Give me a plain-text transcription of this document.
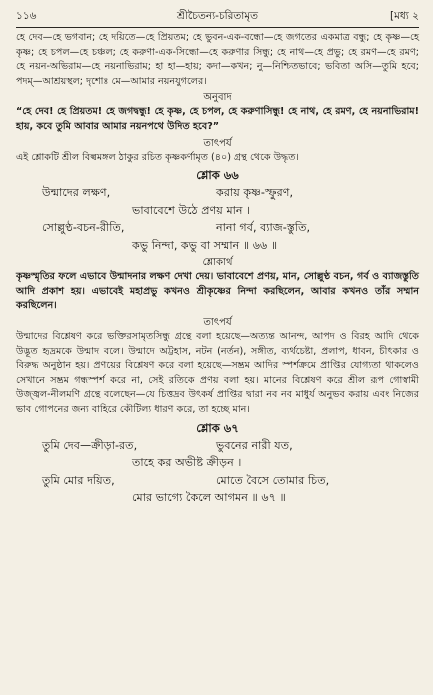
১১৬	শ্রীচৈতন্য-চরিতামৃত	[মধ্য ২

হে দেব—হে ভগবান; হে দয়িতে—হে প্রিয়তম; হে ভুবন-এক-বন্ধো—হে জগতের একমাত্র বন্ধু; হে কৃষ্ণ—হে কৃষ্ণ; হে চপল—হে চঞ্চল; হে করুণা-এক-সিন্ধো—হে করুণার সিন্ধু; হে নাথ—হে প্রভু; হে রমণ—হে রমণ; হে নয়ন-অভিরাম—হে নয়নাভিরাম; হা হা—হায়; কদা—কখন; নু—নিশ্চিতভাবে; ভবিতা অসি—তুমি হবে; পদম্—আশ্রয়স্থল; দৃশোঃ মে—আমার নয়নযুগলের।

অনুবাদ

“হে দেব! হে প্রিয়তম! হে জগদ্বন্ধু! হে কৃষ্ণ, হে চপল, হে করুণাসিন্ধু! হে নাথ, হে রমণ, হে নয়নাভিরাম! হায়, কবে তুমি আবার আমার নয়নপথে উদিত হবে?”

তাৎপর্য

এই শ্লোকটি শ্রীল বিল্বমঙ্গল ঠাকুর রচিত কৃষ্ণকর্ণামৃত (৪০) গ্রন্থ থেকে উদ্ধৃত।

শ্লোক ৬৬
উন্মাদের লক্ষণ,	করায় কৃষ্ণ-স্ফুরণ,
ভাবাবেশে উঠে প্রণয় মান ।
সোল্লুণ্ঠ-বচন-রীতি,	নানা গর্ব, ব্যাজ-স্তুতি,
কভু নিন্দা, কভু বা সম্মান ॥ ৬৬ ॥
শ্লোকার্থ

কৃষ্ণস্মৃতির ফলে এভাবে উন্মাদনার লক্ষণ দেখা দেয়। ভাবাবেশে প্রণয়, মান, সোল্লুণ্ঠ বচন, গর্ব ও ব্যাজস্তুতি আদি প্রকাশ হয়। এভাবেই মহাপ্রভু কখনও শ্রীকৃষ্ণের নিন্দা করছিলেন, আবার কখনও তাঁর সম্মান করছিলেন।

তাৎপর্য

উন্মাদের বিশ্লেষণ করে ভক্তিরসামৃতসিন্ধু গ্রন্থে বলা হয়েছে—অত্যন্ত আনন্দ, আপদ ও বিরহ আদি থেকে উদ্ভূত হৃদ্রমকে উন্মাদ বলে। উন্মাদে অট্টহাস, নটন (নর্তন), সঙ্গীত, ব্যর্থচেষ্টা, প্রলাপ, ধাবন, চীৎকার ও বিরুদ্ধ অনুষ্ঠান হয়। প্রণয়ের বিশ্লেষণ করে বলা হয়েছে—সম্ভ্রম আদির স্পর্শক্রমে প্রাপ্তির যোগ্যতা থাকলেও সেখানে সম্ভ্রম গন্ধস্পর্শ করে না, সেই রতিকে প্রণয় বলা হয়। মানের বিশ্লেষণ করে শ্রীল রূপ গোস্বামী উজ্জ্বল-নীলমণি গ্রন্থে বলেছেন—যে চিত্তদ্রব উৎকর্ষ প্রাপ্তির দ্বারা নব নব মাধুর্য অনুভব করায় এবং নিজের ভাব গোপনের জন্য বাহিরে কৌটিল্য ধারণ করে, তা হচ্ছে মান।

শ্লোক ৬৭
তুমি দেব—ক্রীড়া-রত,	ভুবনের নারী যত,
তাহে কর অভীষ্ট ক্রীড়ন ।
তুমি মোর দয়িত,	মোতে বৈসে তোমার চিত,
মোর ভাগ্যে কৈলে আগমন ॥ ৬৭ ॥
